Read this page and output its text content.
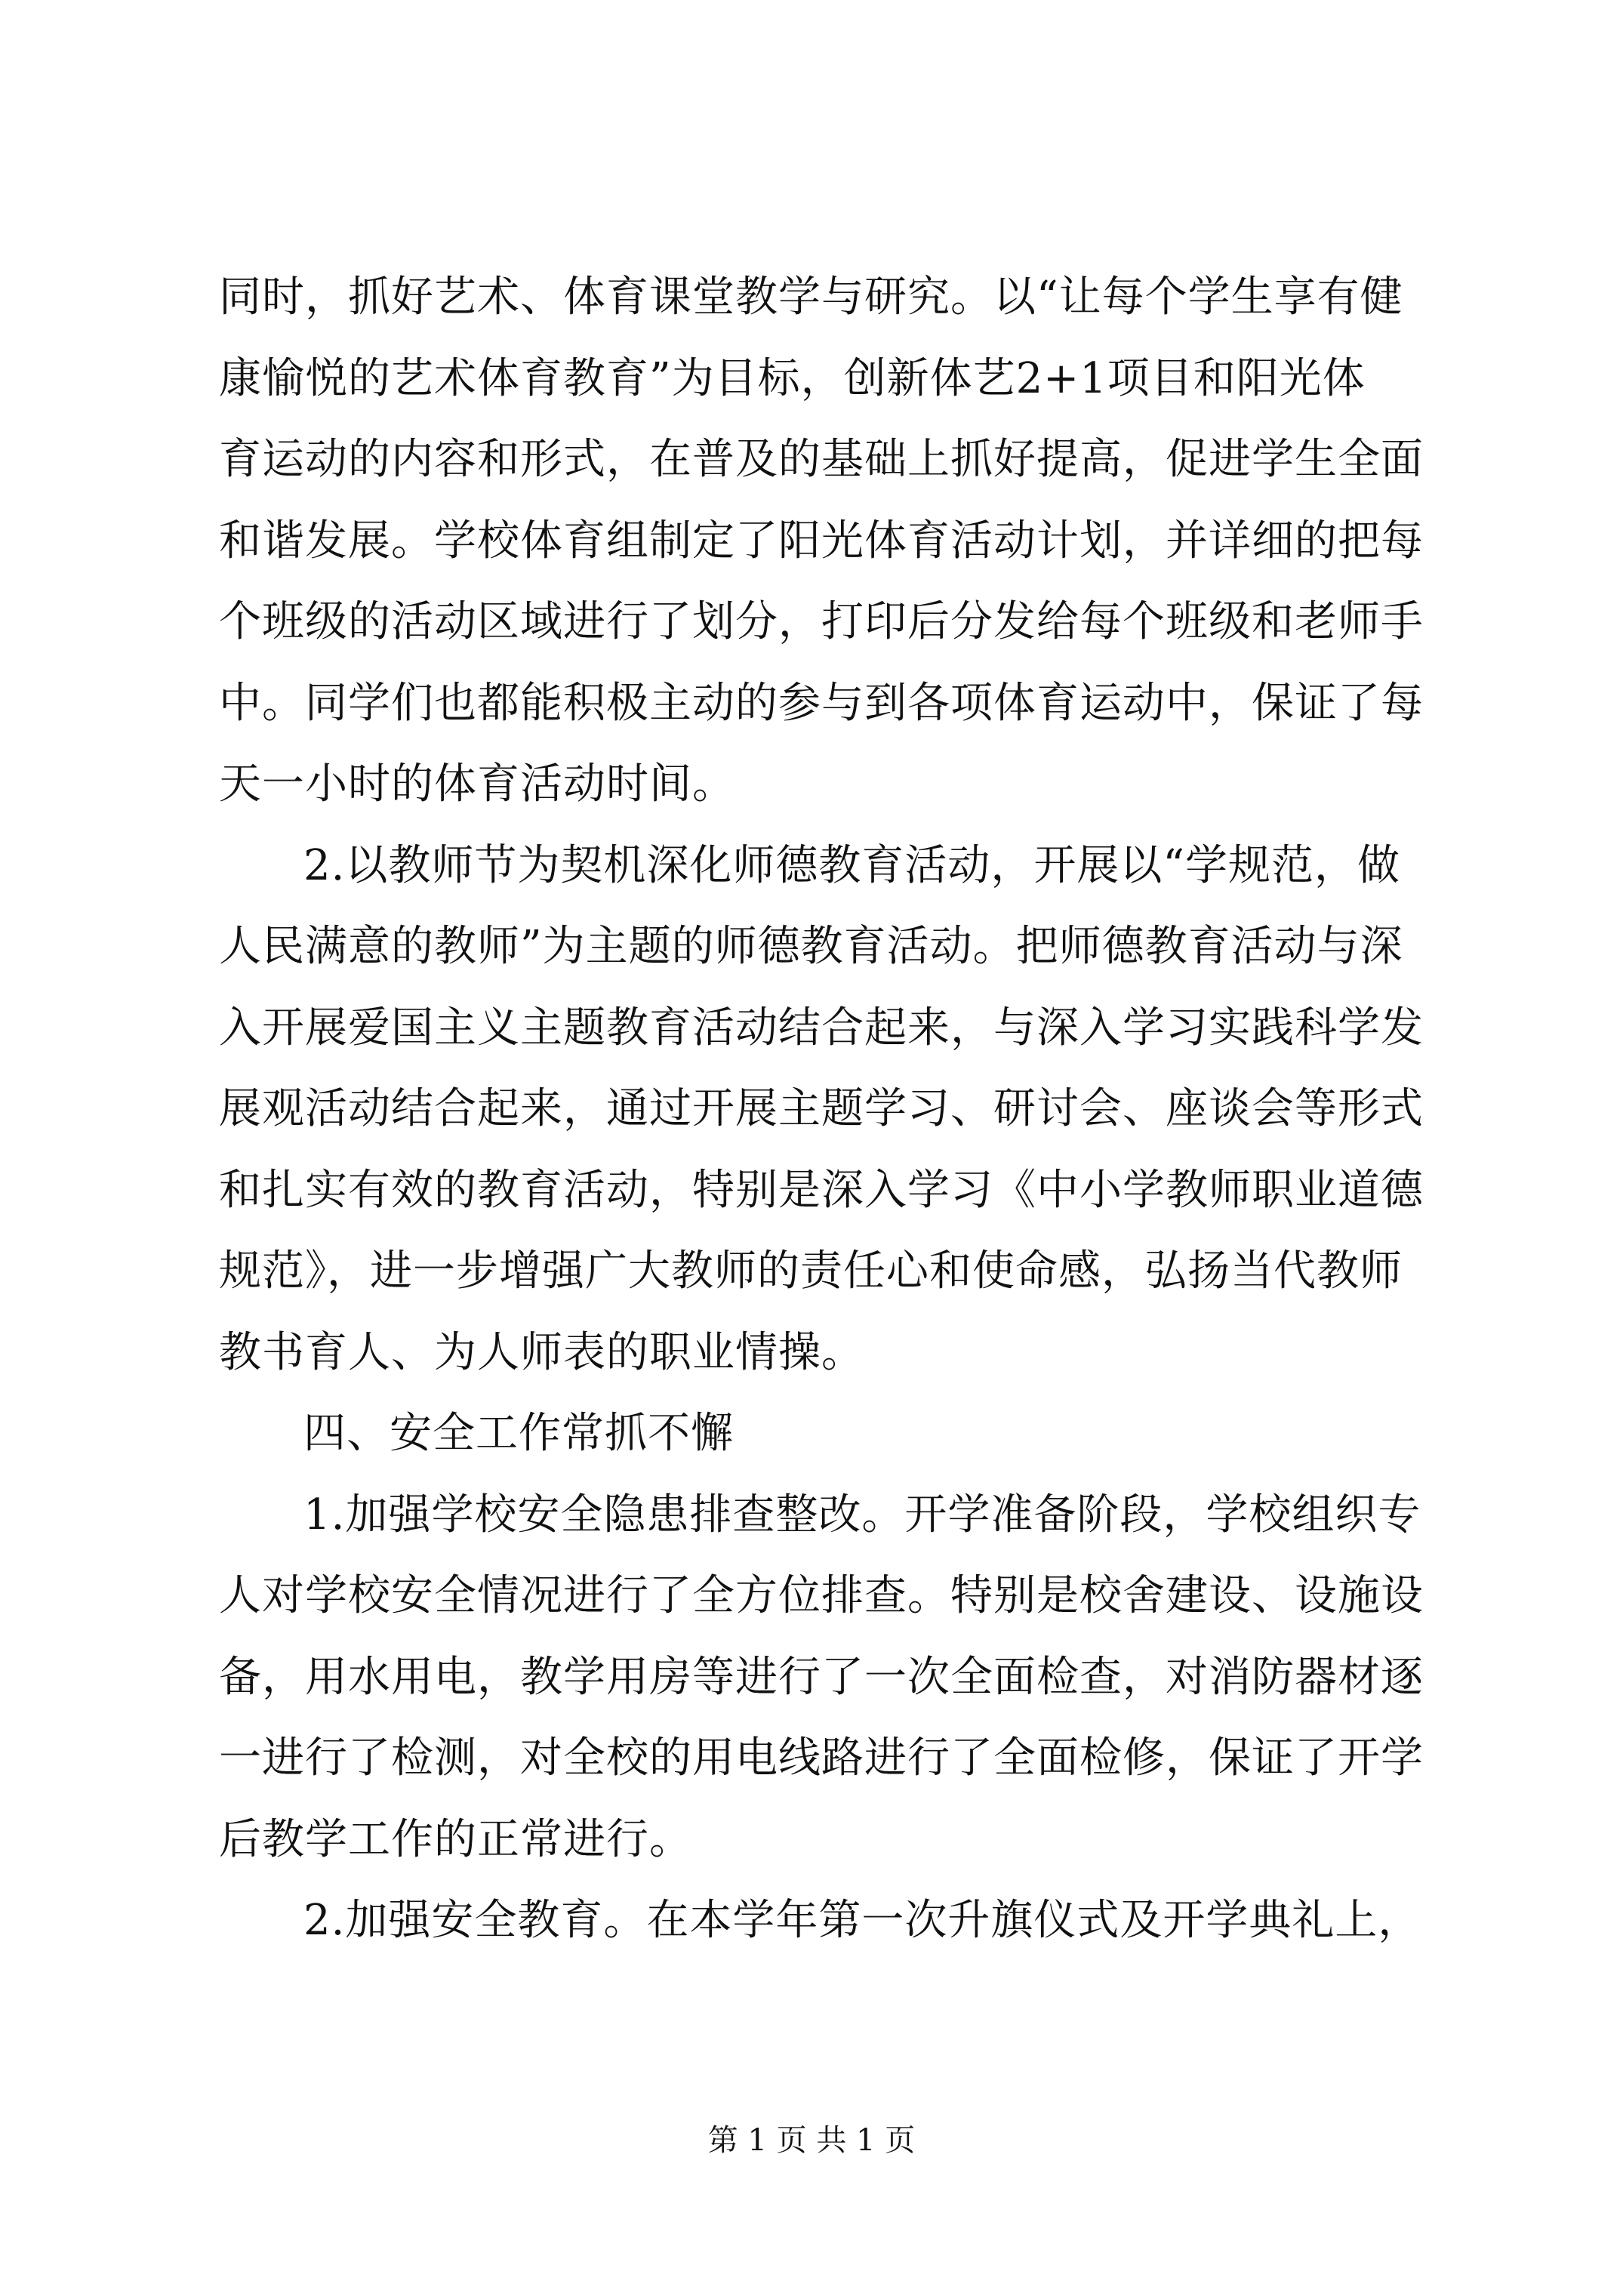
同时，抓好艺术、体育课堂教学与研究。以“让每个学生享有健
康愉悦的艺术体育教育”为目标，创新体艺2+1项目和阳光体
育运动的内容和形式，在普及的基础上抓好提高，促进学生全面
和谐发展。学校体育组制定了阳光体育活动计划，并详细的把每
个班级的活动区域进行了划分，打印后分发给每个班级和老师手
中。同学们也都能积极主动的参与到各项体育运动中，保证了每
天一小时的体育活动时间。
2.以教师节为契机深化师德教育活动，开展以“学规范，做
人民满意的教师”为主题的师德教育活动。把师德教育活动与深
入开展爱国主义主题教育活动结合起来，与深入学习实践科学发
展观活动结合起来，通过开展主题学习、研讨会、座谈会等形式
和扎实有效的教育活动，特别是深入学习《中小学教师职业道德
规范》，进一步增强广大教师的责任心和使命感，弘扬当代教师
教书育人、为人师表的职业情操。
四、安全工作常抓不懈
1.加强学校安全隐患排查整改。开学准备阶段，学校组织专
人对学校安全情况进行了全方位排查。特别是校舍建设、设施设
备，用水用电，教学用房等进行了一次全面检查，对消防器材逐
一进行了检测，对全校的用电线路进行了全面检修，保证了开学
后教学工作的正常进行。
2.加强安全教育。在本学年第一次升旗仪式及开学典礼上，
第 1 页 共 1 页
